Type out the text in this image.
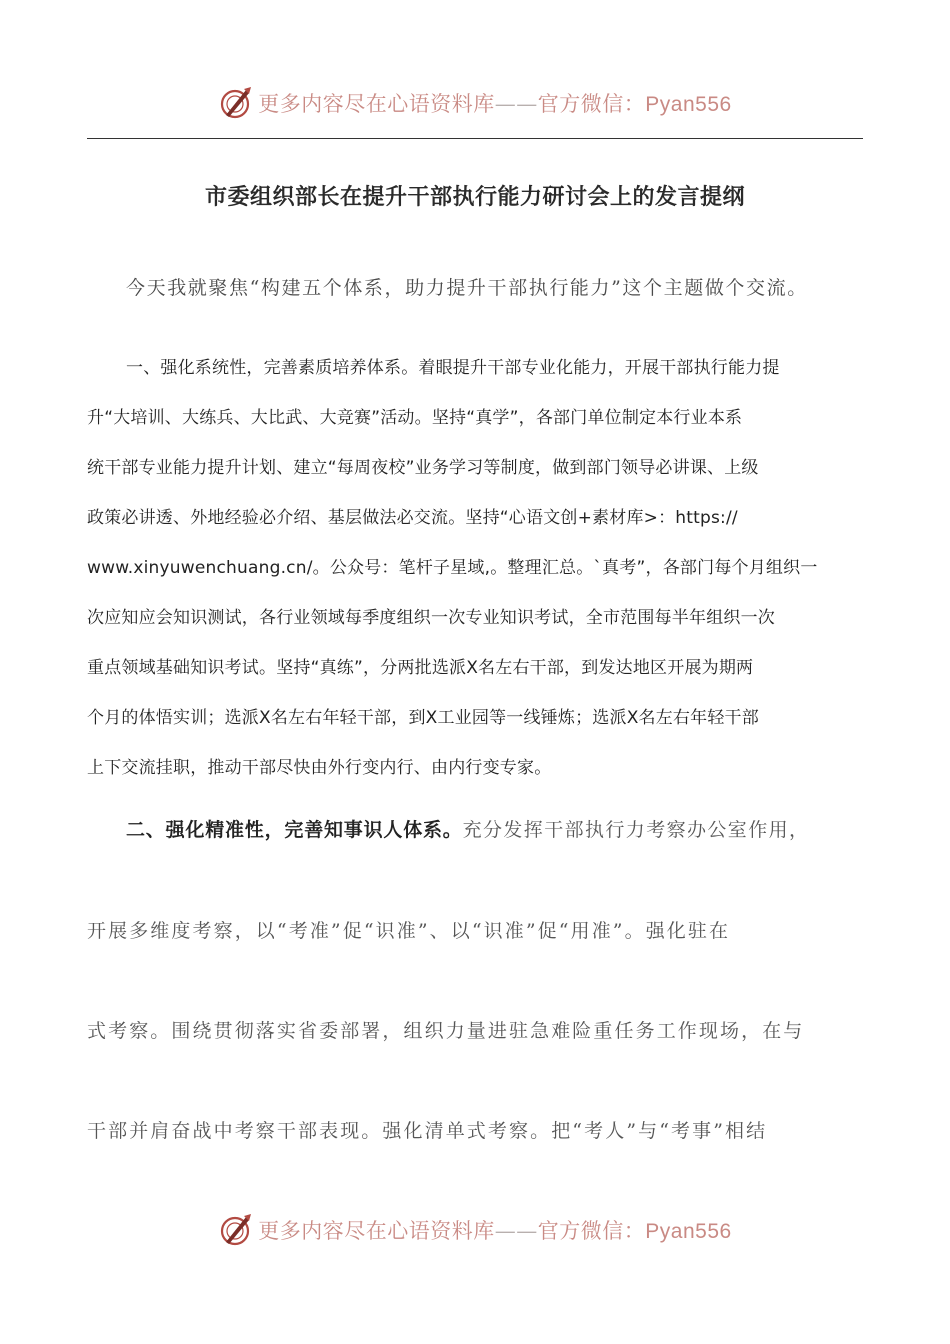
更多内容尽在心语资料库——官方微信：Pyan556
市委组织部长在提升干部执行能力研讨会上的发言提纲
今天我就聚焦“构建五个体系，助力提升干部执行能力”这个主题做个交流。
一、强化系统性，完善素质培养体系。着眼提升干部专业化能力，开展干部执行能力提
升“大培训、大练兵、大比武、大竞赛”活动。坚持“真学”，各部门单位制定本行业本系
统干部专业能力提升计划、建立“每周夜校”业务学习等制度，做到部门领导必讲课、上级
政策必讲透、外地经验必介绍、基层做法必交流。坚持“心语文创+素材库>：https://
www.xinyuwenchuang.cn/。公众号：笔杆子星域,。整理汇总。`真考”，各部门每个月组织一
次应知应会知识测试，各行业领域每季度组织一次专业知识考试，全市范围每半年组织一次
重点领域基础知识考试。坚持“真练”，分两批选派X名左右干部，到发达地区开展为期两
个月的体悟实训；选派X名左右年轻干部，到X工业园等一线锤炼；选派X名左右年轻干部
上下交流挂职，推动干部尽快由外行变内行、由内行变专家。
二、强化精准性，完善知事识人体系。充分发挥干部执行力考察办公室作用，
开展多维度考察，以“考准”促“识准”、以“识准”促“用准”。强化驻在
式考察。围绕贯彻落实省委部署，组织力量进驻急难险重任务工作现场，在与
干部并肩奋战中考察干部表现。强化清单式考察。把“考人”与“考事”相结
更多内容尽在心语资料库——官方微信：Pyan556
